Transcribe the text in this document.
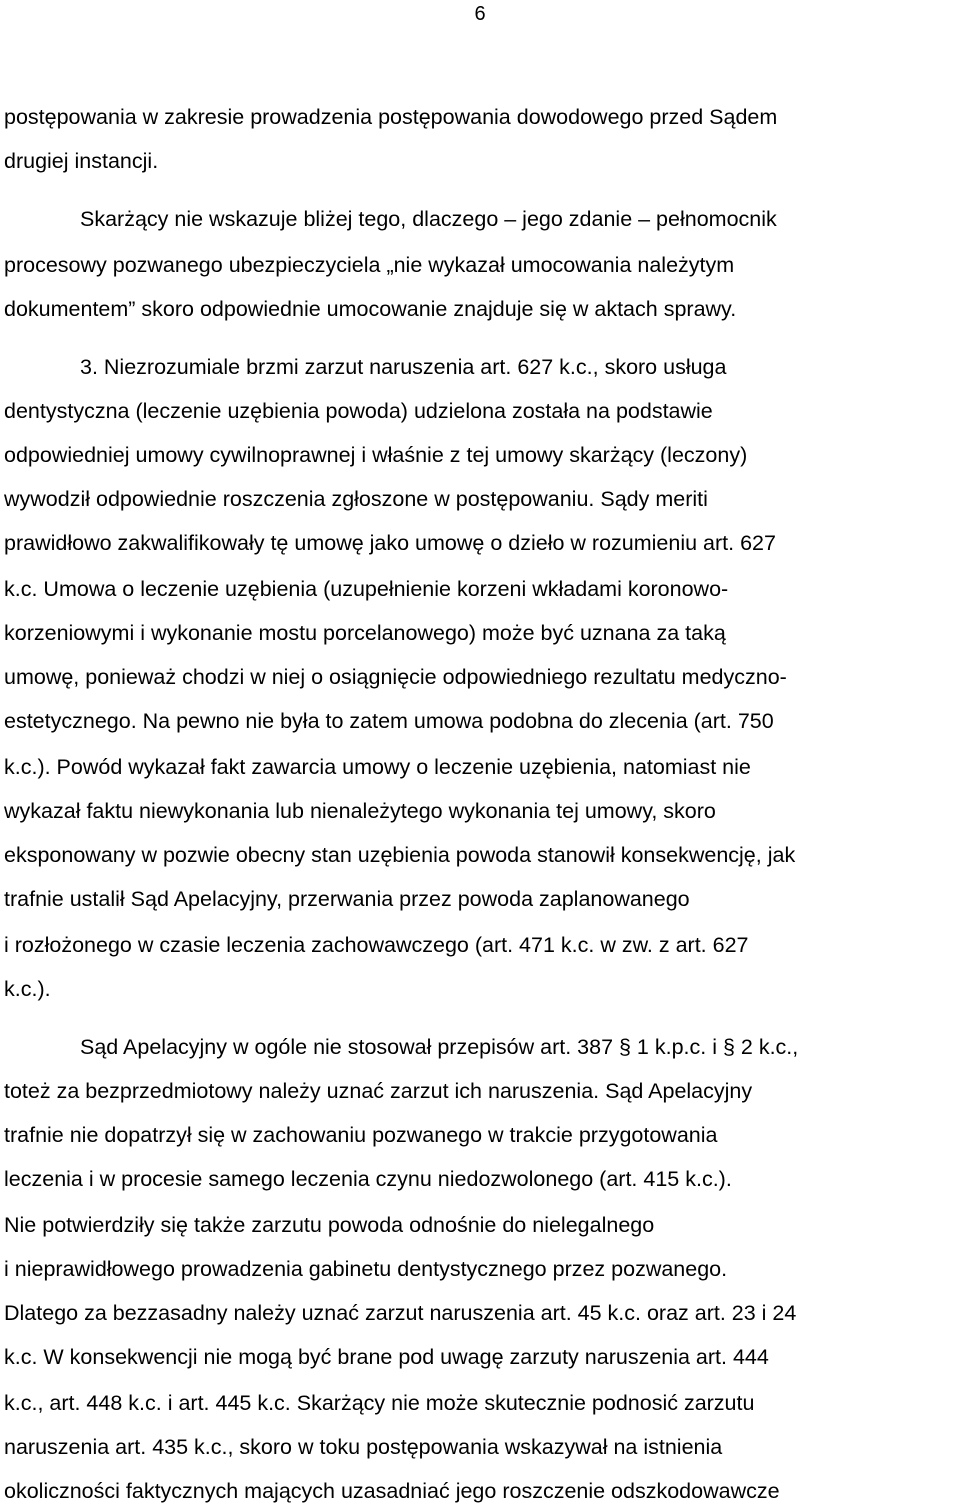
6
postępowania w zakresie prowadzenia postępowania dowodowego przed Sądem
drugiej instancji.
Skarżący nie wskazuje bliżej tego, dlaczego – jego zdanie – pełnomocnik
procesowy pozwanego ubezpieczyciela „nie wykazał umocowania należytym
dokumentem” skoro odpowiednie umocowanie znajduje się w aktach sprawy.
3. Niezrozumiale brzmi zarzut naruszenia art. 627 k.c., skoro usługa
dentystyczna (leczenie uzębienia powoda) udzielona została na podstawie
odpowiedniej umowy cywilnoprawnej i właśnie z tej umowy skarżący (leczony)
wywodził odpowiednie roszczenia zgłoszone w postępowaniu. Sądy meriti
prawidłowo zakwalifikowały tę umowę jako umowę o dzieło w rozumieniu art. 627
k.c. Umowa o leczenie uzębienia (uzupełnienie korzeni wkładami koronowo-
korzeniowymi i wykonanie mostu porcelanowego) może być uznana za taką
umowę, ponieważ chodzi w niej o osiągnięcie odpowiedniego rezultatu medyczno-
estetycznego. Na pewno nie była to zatem umowa podobna do zlecenia (art. 750
k.c.). Powód wykazał fakt zawarcia umowy o leczenie uzębienia, natomiast nie
wykazał faktu niewykonania lub nienależytego wykonania tej umowy, skoro
eksponowany w pozwie obecny stan uzębienia powoda stanowił konsekwencję, jak
trafnie ustalił Sąd Apelacyjny, przerwania przez powoda zaplanowanego
i rozłożonego w czasie leczenia zachowawczego (art. 471 k.c. w zw. z art. 627
k.c.).
Sąd Apelacyjny w ogóle nie stosował przepisów art. 387 § 1 k.p.c. i § 2 k.c.,
toteż za bezprzedmiotowy należy uznać zarzut ich naruszenia. Sąd Apelacyjny
trafnie nie dopatrzył się w zachowaniu pozwanego w trakcie przygotowania
leczenia i w procesie samego leczenia czynu niedozwolonego (art. 415 k.c.).
Nie potwierdziły się także zarzutu powoda odnośnie do nielegalnego
i nieprawidłowego prowadzenia gabinetu dentystycznego przez pozwanego.
Dlatego za bezzasadny należy uznać zarzut naruszenia art. 45 k.c. oraz art. 23 i 24
k.c. W konsekwencji nie mogą być brane pod uwagę zarzuty naruszenia art. 444
k.c., art. 448 k.c. i art. 445 k.c. Skarżący nie może skutecznie podnosić zarzutu
naruszenia art. 435 k.c., skoro w toku postępowania wskazywał na istnienia
okoliczności faktycznych mających uzasadniać jego roszczenie odszkodowawcze
